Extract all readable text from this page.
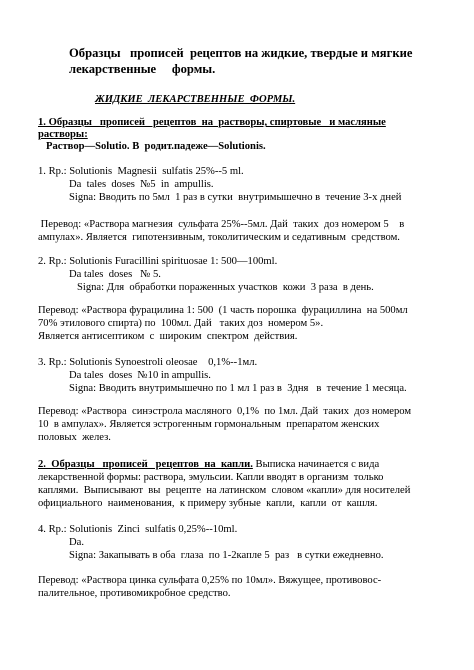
Образцы   прописей  рецептов на жидкие, твердые и мягкие
лекарственные     формы.
ЖИДКИЕ  ЛЕКАРСТВЕННЫЕ  ФОРМЫ.
1. Образцы   прописей   рецептов  на  растворы, спиртовые   и масляные
растворы:
Раствор—Solutio. В  родит.падеже—Solutionis.
1. Rp.: Solutionis  Magnesii  sulfatis 25%--5 ml.
Da  tales  doses  №5  in  ampullis.
Signa: Вводить по 5мл  1 раз в сутки  внутримышечно в  течение 3-х дней
Перевод: «Раствора магнезия  сульфата 25%--5мл. Дай  таких  доз номером 5    в
ампулах». Является  гипотензивным, токолитическим и седативным  средством.
2. Rp.: Solutionis Furacillini spirituosae 1: 500—100ml.
Da tales  doses   № 5.
Signa: Для  обработки пораженных участков  кожи  3 раза  в день.
Перевод: «Раствора фурацилина 1: 500  (1 часть порошка  фурациллина  на 500мл
70% этилового спирта) по  100мл. Дай   таких доз  номером 5».
Является антисептиком  с  широким  спектром  действия.
3. Rp.: Solutionis Synoestroli oleosae    0,1%--1мл.
Da tales  doses  №10 in ampullis.
Signa: Вводить внутримышечно по 1 мл 1 раз в  3дня   в  течение 1 месяца.
Перевод: «Раствора  синэстрола масляного  0,1%  по 1мл. Дай  таких  доз номером
10  в ампулах». Является эстрогенным гормональным  препаратом женских
половых  желез.
2.  Образцы   прописей   рецептов  на  капли. Выписка начинается с вида
лекарственной формы: раствора, эмульсии. Капли вводят в организм  только
каплями.  Выписывают  вы  рецепте  на латинском  словом «капли» для носителей
официального  наименования,  к примеру зубные  капли,  капли  от  кашля.
4. Rp.: Solutionis  Zinci  sulfatis 0,25%--10ml.
Da.
Signa: Закапывать в оба  глаза  по 1-2капле 5  раз   в сутки ежедневно.
Перевод: «Раствора цинка сульфата 0,25% по 10мл». Вяжущее, противовос-
палительное, противомикробное средство.
